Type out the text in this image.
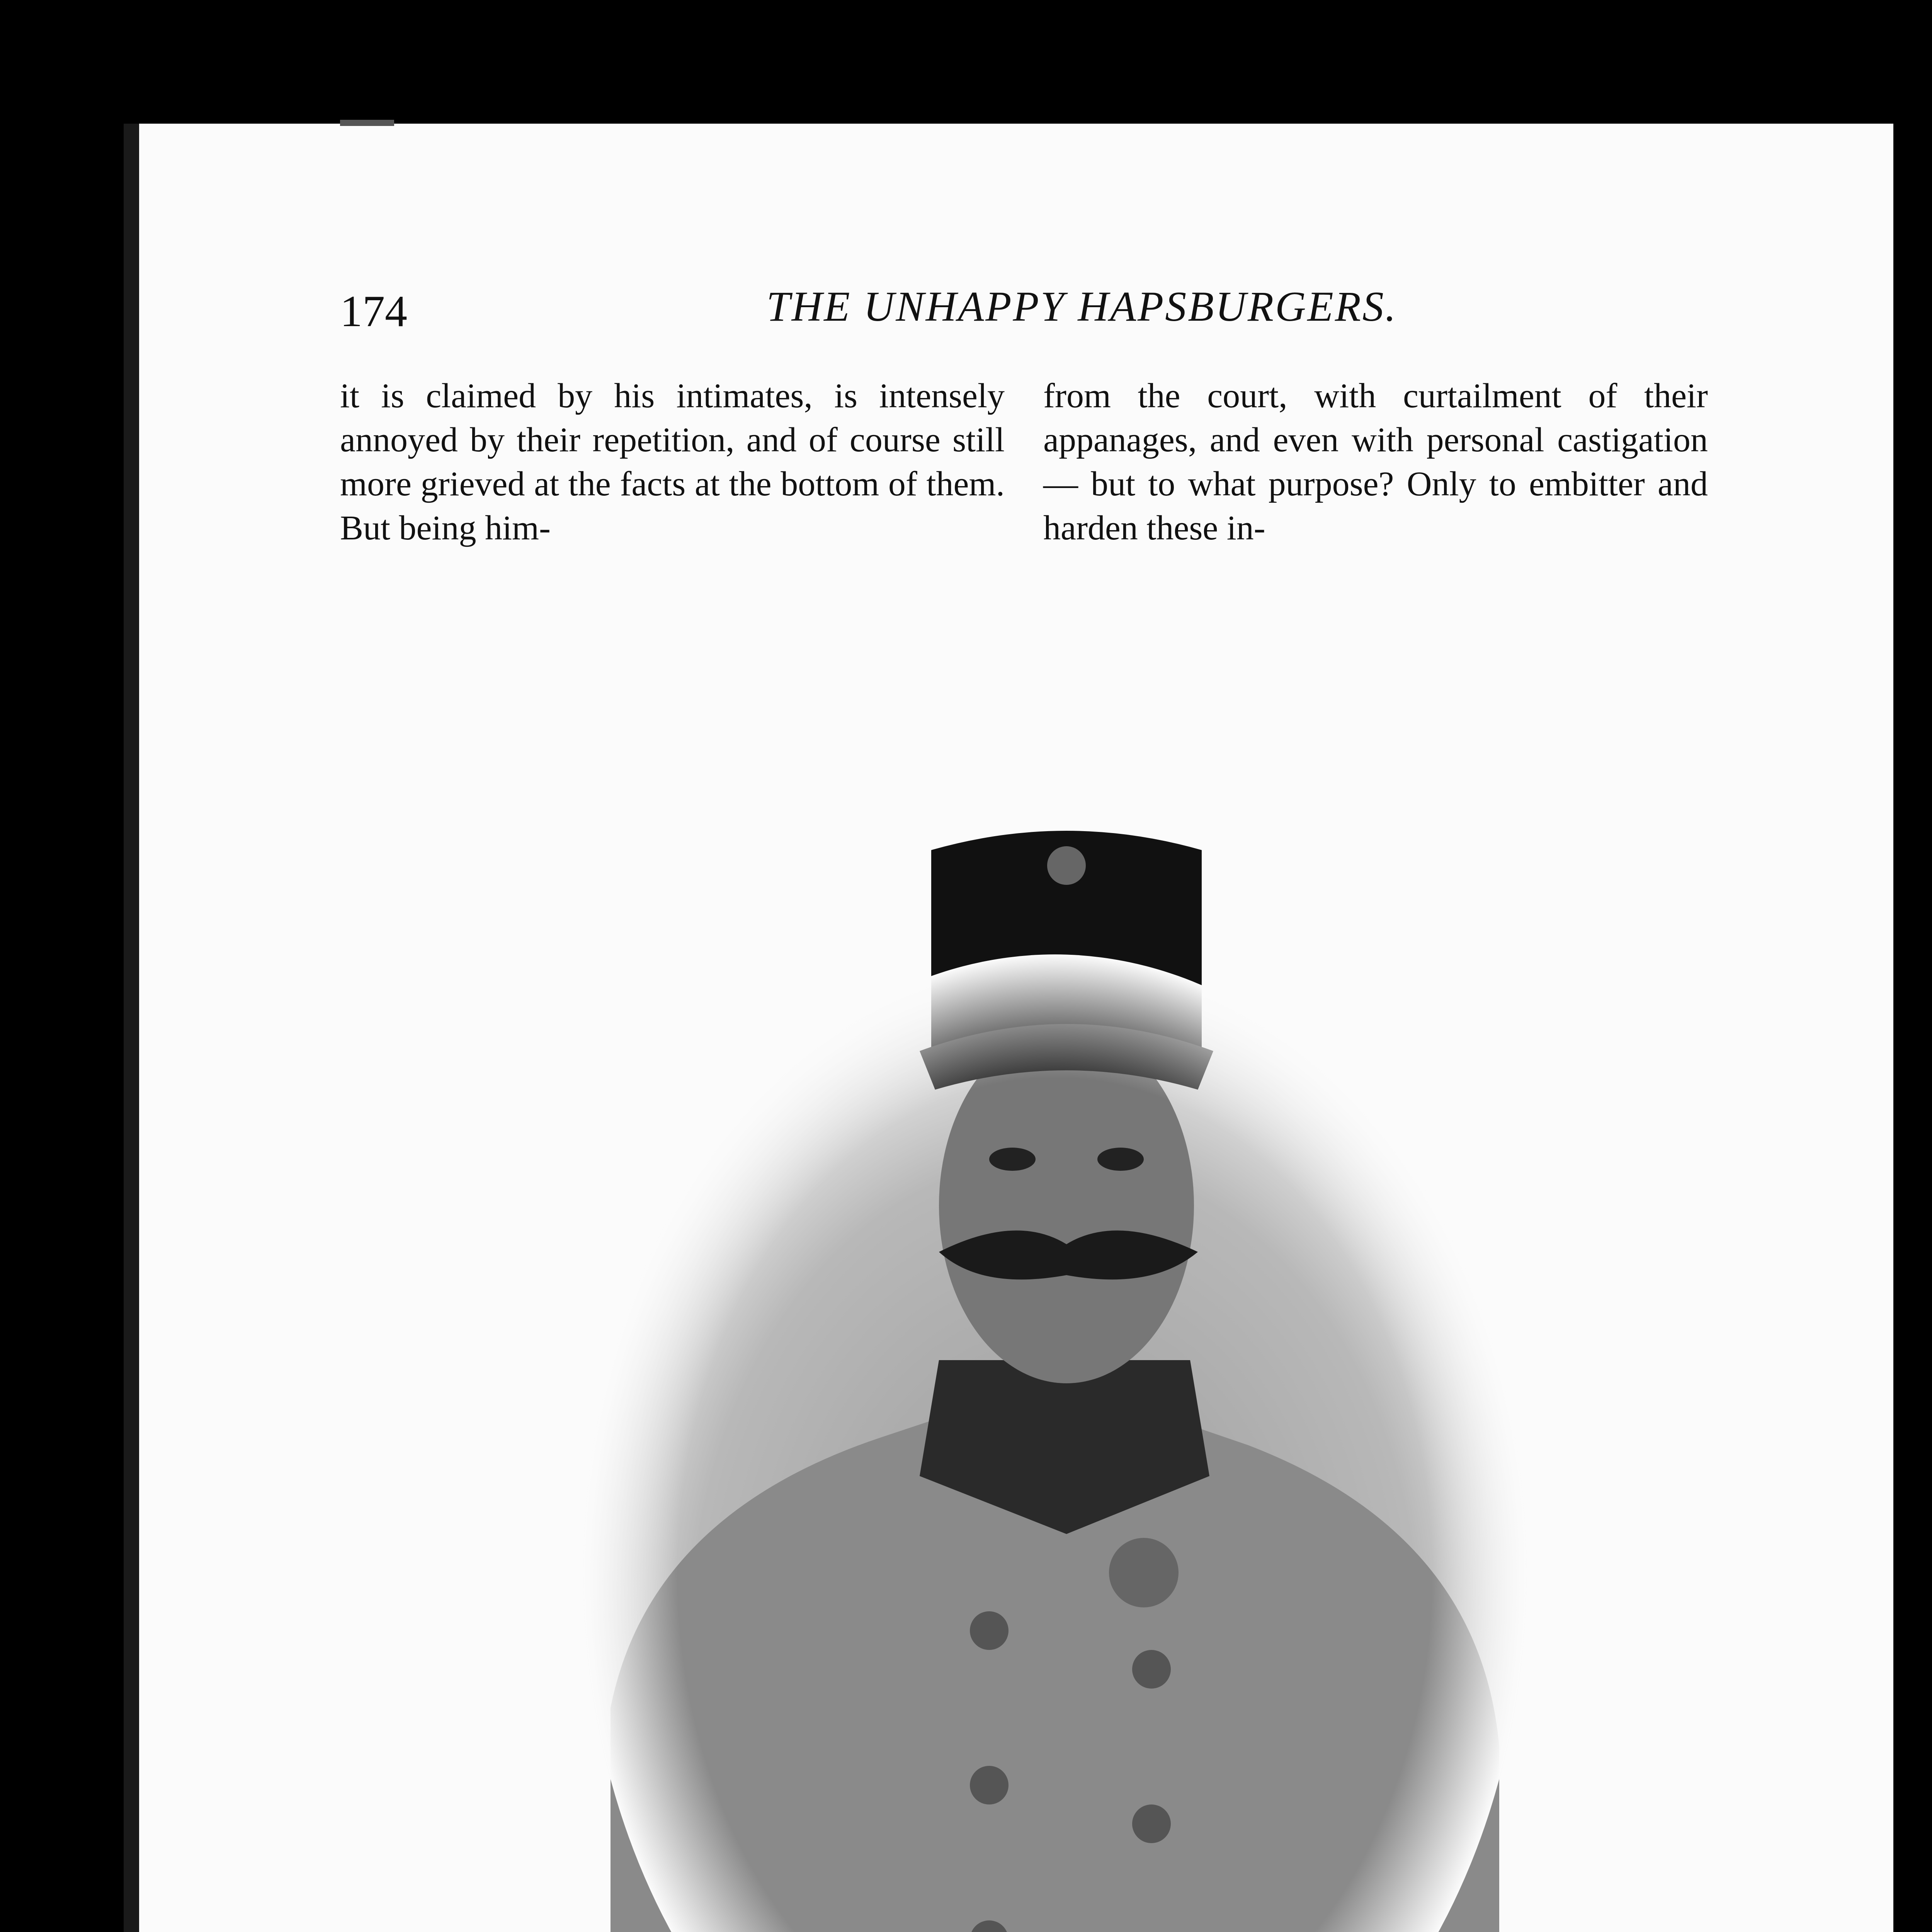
174	THE UNHAPPY HAPSBURGERS.

it is claimed by his intimates, is intensely annoyed by their repetition, and of course still more grieved at the facts at the bottom of them. But being him-

from the court, with curtailment of their appanages, and even with personal castigation — but to what purpose? Only to embitter and harden these in-
